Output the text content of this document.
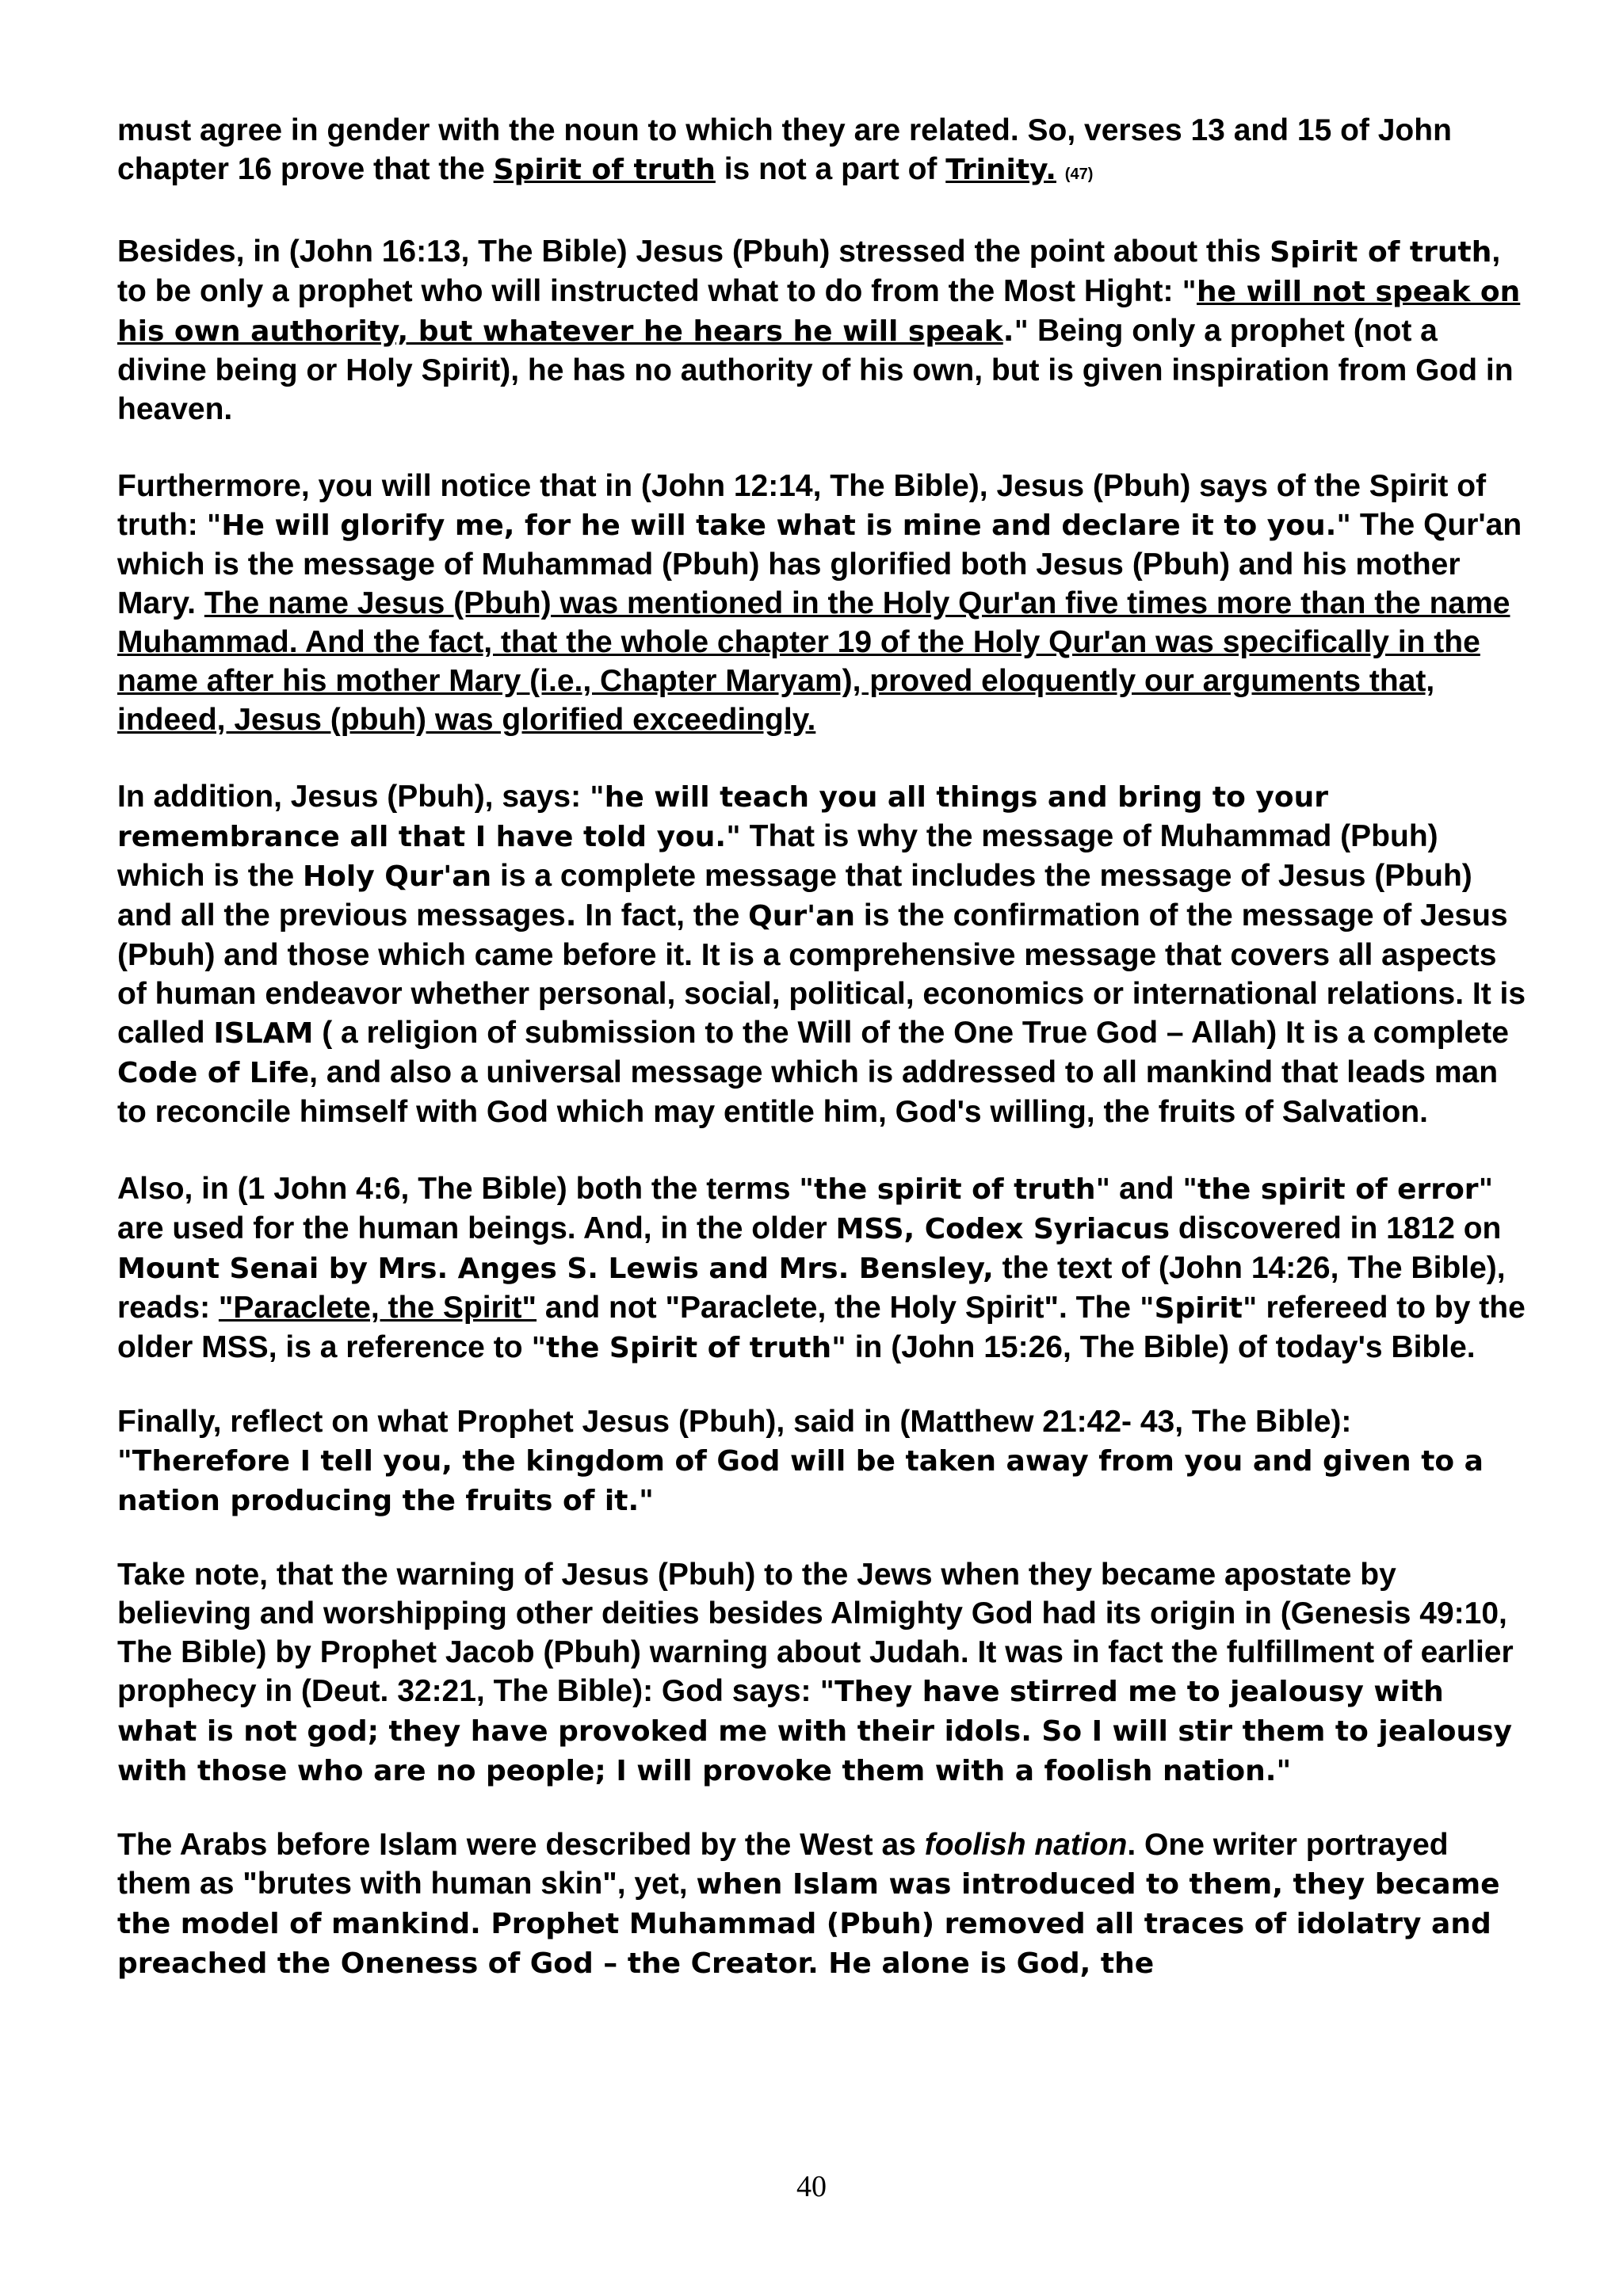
must agree in gender with the noun to which they are related. So, verses 13 and 15 of John chapter 16 prove that the Spirit of truth is not a part of Trinity. (47)

Besides, in (John 16:13, The Bible) Jesus (Pbuh) stressed the point about this Spirit of truth, to be only a prophet who will instructed what to do from the Most Hight: "he will not speak on his own authority, but whatever he hears he will speak." Being only a prophet (not a divine being or Holy Spirit), he has no authority of his own, but is given inspiration from God in heaven.

Furthermore, you will notice that in (John 12:14, The Bible), Jesus (Pbuh) says of the Spirit of truth: "He will glorify me, for he will take what is mine and declare it to you." The Qur'an which is the message of Muhammad (Pbuh) has glorified both Jesus (Pbuh) and his mother Mary. The name Jesus (Pbuh) was mentioned in the Holy Qur'an five times more than the name Muhammad. And the fact, that the whole chapter 19 of the Holy Qur'an was specifically in the name after his mother Mary (i.e., Chapter Maryam), proved eloquently our arguments that, indeed, Jesus (pbuh) was glorified exceedingly.

In addition, Jesus (Pbuh), says: "he will teach you all things and bring to your remembrance all that I have told you." That is why the message of Muhammad (Pbuh) which is the Holy Qur'an is a complete message that includes the message of Jesus (Pbuh) and all the previous messages. In fact, the Qur'an is the confirmation of the message of Jesus (Pbuh) and those which came before it. It is a comprehensive message that covers all aspects of human endeavor whether personal, social, political, economics or international relations. It is called ISLAM ( a religion of submission to the Will of the One True God – Allah) It is a complete Code of Life, and also a universal message which is addressed to all mankind that leads man to reconcile himself with God which may entitle him, God's willing, the fruits of Salvation.

Also, in (1 John 4:6, The Bible) both the terms "the spirit of truth" and "the spirit of error" are used for the human beings. And, in the older MSS, Codex Syriacus discovered in 1812 on Mount Senai by Mrs. Anges S. Lewis and Mrs. Bensley, the text of (John 14:26, The Bible), reads: "Paraclete, the Spirit" and not "Paraclete, the Holy Spirit". The "Spirit" refereed to by the older MSS, is a reference to "the Spirit of truth" in (John 15:26, The Bible) of today's Bible.

Finally, reflect on what Prophet Jesus (Pbuh), said in (Matthew 21:42- 43, The Bible): "Therefore I tell you, the kingdom of God will be taken away from you and given to a nation producing the fruits of it."

Take note, that the warning of Jesus (Pbuh) to the Jews when they became apostate by believing and worshipping other deities besides Almighty God had its origin in (Genesis 49:10, The Bible) by Prophet Jacob (Pbuh) warning about Judah. It was in fact the fulfillment of earlier prophecy in (Deut. 32:21, The Bible): God says: "They have stirred me to jealousy with what is not god; they have provoked me with their idols. So I will stir them to jealousy with those who are no people; I will provoke them with a foolish nation."

The Arabs before Islam were described by the West as foolish nation. One writer portrayed them as "brutes with human skin", yet, when Islam was introduced to them, they became the model of mankind. Prophet Muhammad (Pbuh) removed all traces of idolatry and preached the Oneness of God – the Creator. He alone is God, the

40
